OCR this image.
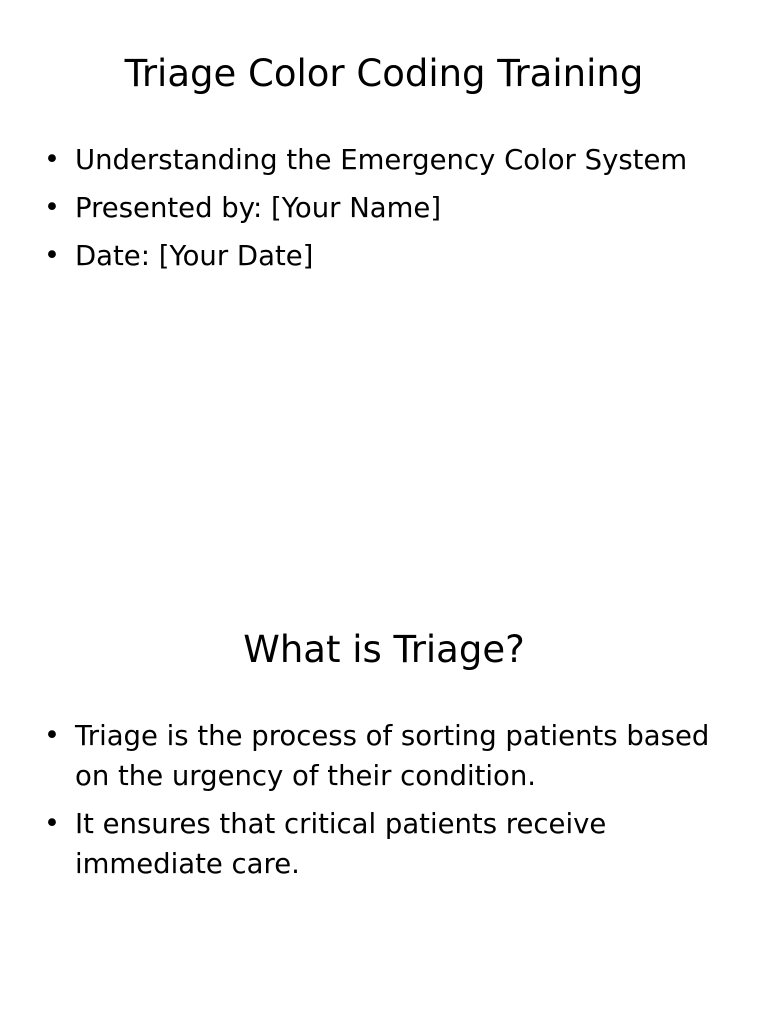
Triage Color Coding Training
• Understanding the Emergency Color System
• Presented by: [Your Name]
• Date: [Your Date]
What is Triage?
• Triage is the process of sorting patients based on the urgency of their condition.
• It ensures that critical patients receive immediate care.
